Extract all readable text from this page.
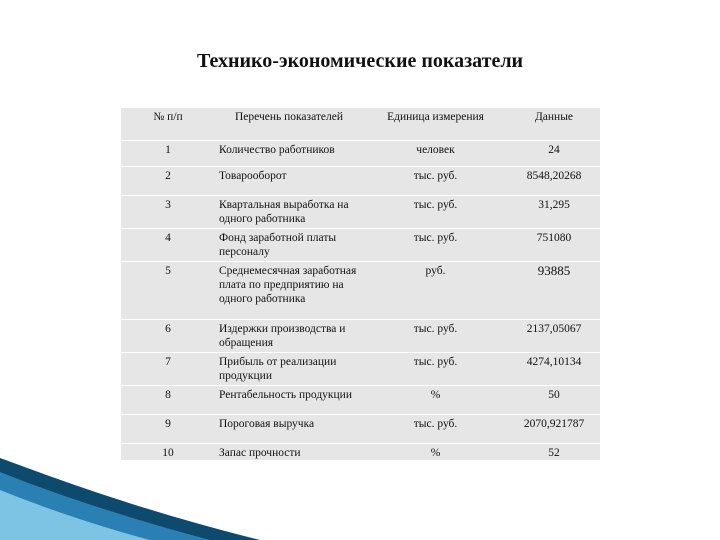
Технико-экономические показатели
№ п/п	Перечень показателей	Единица измерения	Данные
1	Количество работников	человек	24
2	Товарооборот	тыс. руб.	8548,20268
3	Квартальная выработка на одного работника	тыс. руб.	31,295
4	Фонд заработной платы персоналу	тыс. руб.	751080
5	Среднемесячная заработная плата по предприятию на одного работника	руб.	93885
6	Издержки производства и обращения	тыс. руб.	2137,05067
7	Прибыль от реализации продукции	тыс. руб.	4274,10134
8	Рентабельность продукции	%	50
9	Пороговая выручка	тыс. руб.	2070,921787
10	Запас прочности	%	52
